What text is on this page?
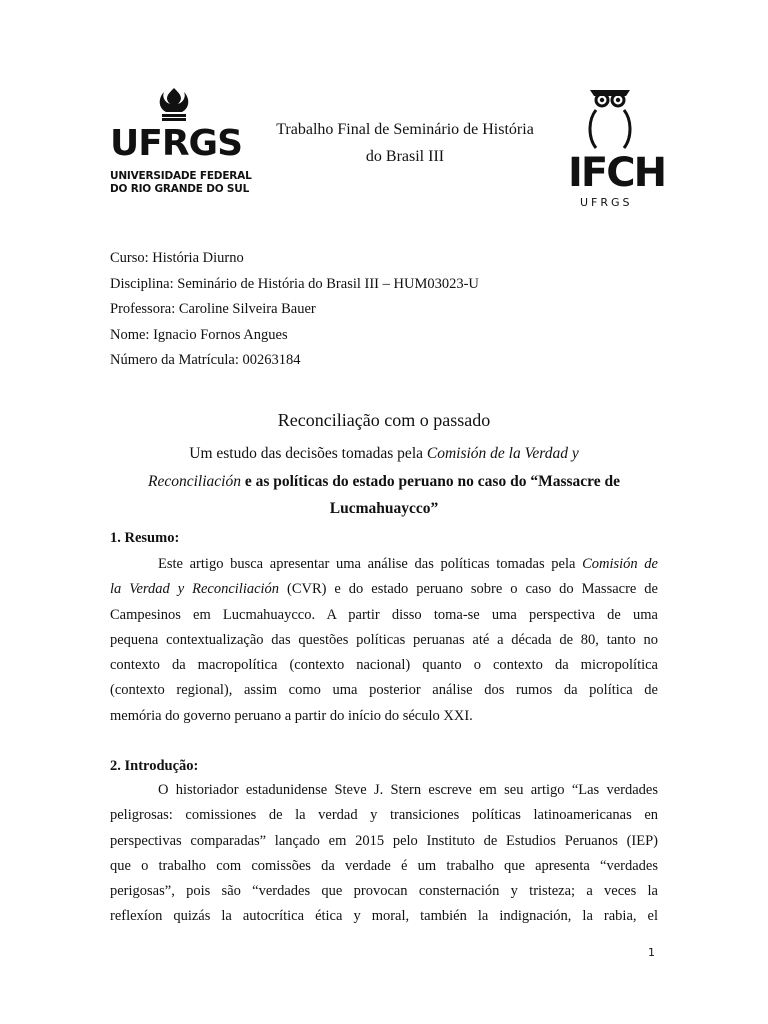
UFRGS
UNIVERSIDADE FEDERAL
DO RIO GRANDE DO SUL
Trabalho Final de Seminário de História
do Brasil III	IFCH
UFRGS

Curso: História Diurno

Disciplina: Seminário de História do Brasil III – HUM03023-U

Professora: Caroline Silveira Bauer

Nome: Ignacio Fornos Angues

Número da Matrícula: 00263184

Reconciliação com o passado
Um estudo das decisões tomadas pela Comisión de la Verdad y
Reconciliación e as políticas do estado peruano no caso do “Massacre de
Lucmahuaycco”
1. Resumo:
Este artigo busca apresentar uma análise das políticas tomadas pela Comisión de
la Verdad y Reconciliación (CVR) e do estado peruano sobre o caso do Massacre de
Campesinos em Lucmahuaycco. A partir disso toma-se uma perspectiva de uma
pequena contextualização das questões políticas peruanas até a década de 80, tanto no
contexto da macropolítica (contexto nacional) quanto o contexto da micropolítica
(contexto regional), assim como uma posterior análise dos rumos da política de
memória do governo peruano a partir do início do século XXI.
2. Introdução:
O historiador estadunidense Steve J. Stern escreve em seu artigo “Las verdades
peligrosas: comissiones de la verdad y transiciones políticas latinoamericanas en
perspectivas comparadas” lançado em 2015 pelo Instituto de Estudios Peruanos (IEP)
que o trabalho com comissões da verdade é um trabalho que apresenta “verdades
perigosas”, pois são “verdades que provocan consternación y tristeza; a veces la
reflexíon quizás la autocrítica ética y moral, también la indignación, la rabia, el
1
